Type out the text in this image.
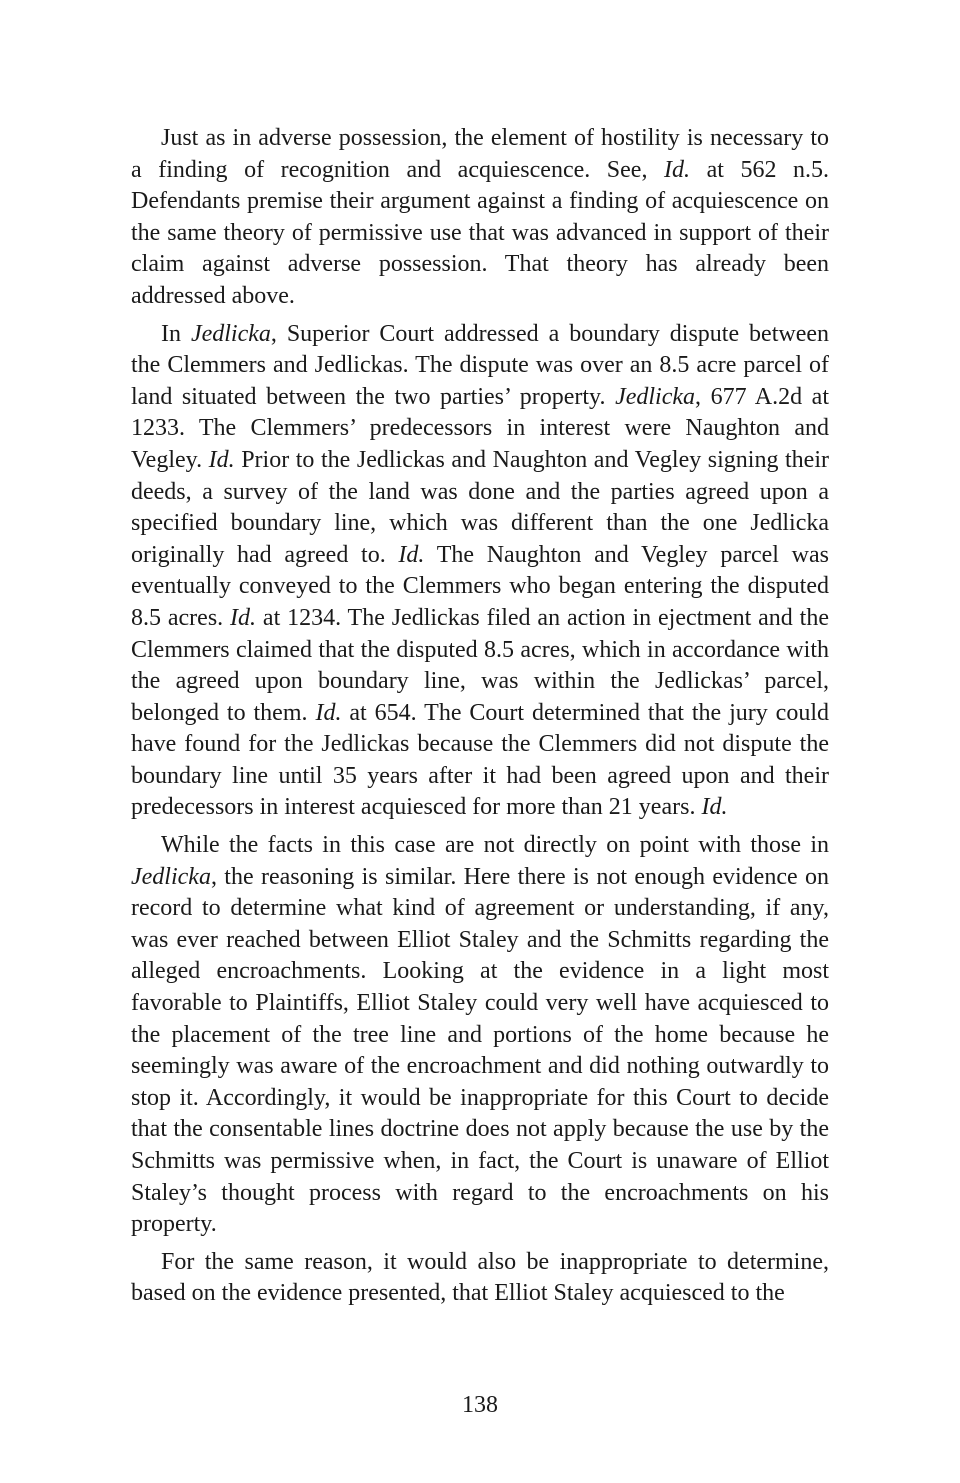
Just as in adverse possession, the element of hostility is necessary to a finding of recognition and acquiescence. See, Id. at 562 n.5. Defendants premise their argument against a finding of acquiescence on the same theory of permissive use that was advanced in support of their claim against adverse possession. That theory has already been addressed above.

In Jedlicka, Superior Court addressed a boundary dispute between the Clemmers and Jedlickas. The dispute was over an 8.5 acre parcel of land situated between the two parties’ property. Jedlicka, 677 A.2d at 1233. The Clemmers’ predecessors in interest were Naughton and Vegley. Id. Prior to the Jedlickas and Naughton and Vegley signing their deeds, a survey of the land was done and the parties agreed upon a specified boundary line, which was different than the one Jedlicka originally had agreed to. Id. The Naughton and Vegley parcel was eventually conveyed to the Clemmers who began entering the disputed 8.5 acres. Id. at 1234. The Jedlickas filed an action in ejectment and the Clemmers claimed that the disputed 8.5 acres, which in accordance with the agreed upon boundary line, was within the Jedlickas’ parcel, belonged to them. Id. at 654. The Court determined that the jury could have found for the Jedlickas because the Clemmers did not dispute the boundary line until 35 years after it had been agreed upon and their predecessors in interest acquiesced for more than 21 years. Id.

While the facts in this case are not directly on point with those in Jedlicka, the reasoning is similar. Here there is not enough evidence on record to determine what kind of agreement or understanding, if any, was ever reached between Elliot Staley and the Schmitts regarding the alleged encroachments. Looking at the evidence in a light most favorable to Plaintiffs, Elliot Staley could very well have acquiesced to the placement of the tree line and portions of the home because he seemingly was aware of the encroachment and did nothing outwardly to stop it. Accordingly, it would be inappropriate for this Court to decide that the consentable lines doctrine does not apply because the use by the Schmitts was permissive when, in fact, the Court is unaware of Elliot Staley’s thought process with regard to the encroachments on his property.

For the same reason, it would also be inappropriate to determine, based on the evidence presented, that Elliot Staley acquiesced to the

138
